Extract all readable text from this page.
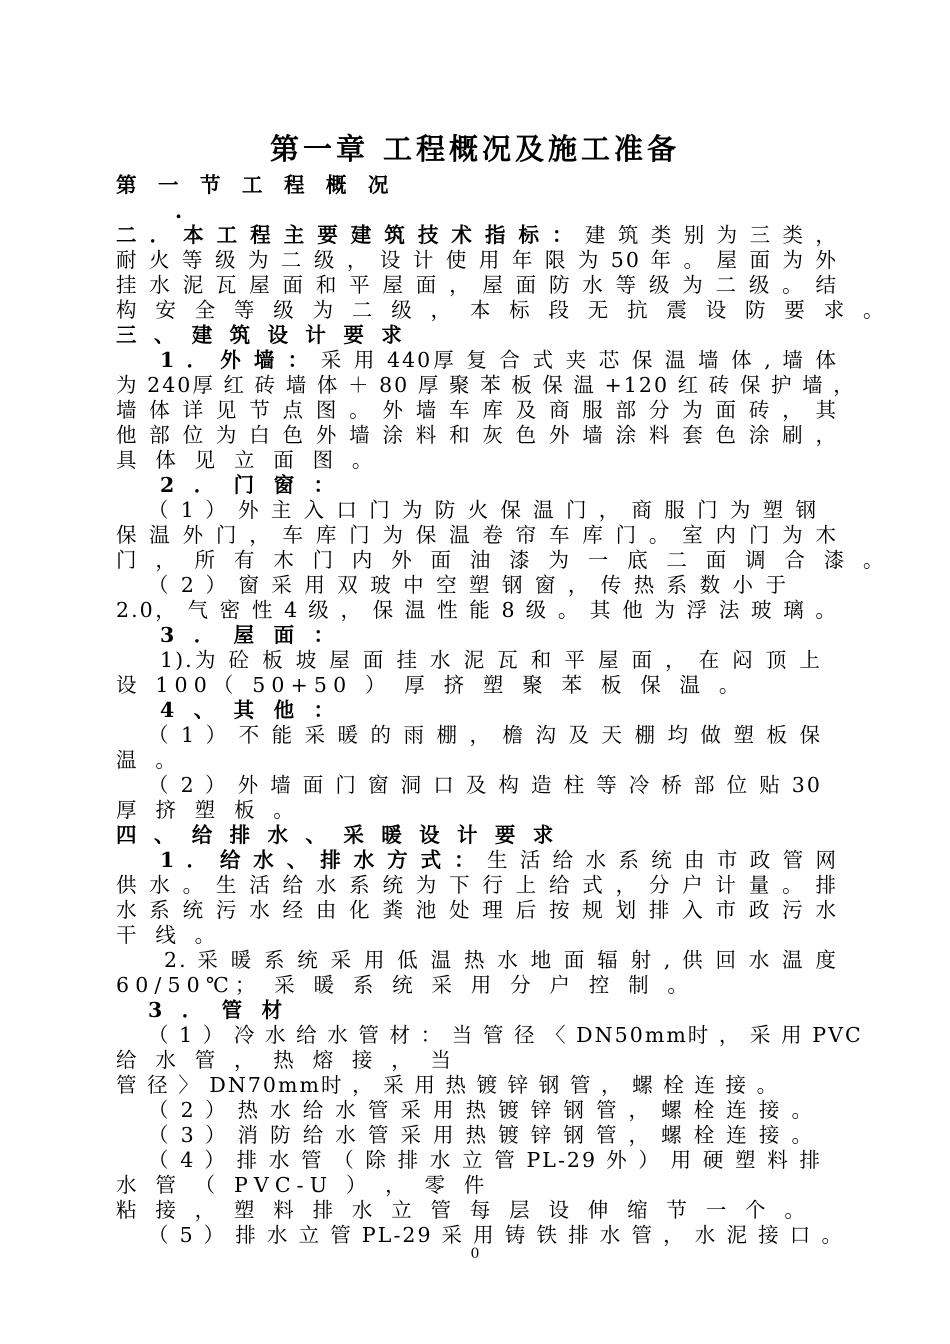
第一章 工程概况及施工准备
第 一 节 工 程 概 况
.
二 ． 本 工 程 主 要 建 筑 技 术 指 标 ： 建 筑 类 别 为 三 类 ，
耐 火 等 级 为 二 级 ， 设 计 使 用 年 限 为 50 年 。 屋 面 为 外
挂 水 泥 瓦 屋 面 和 平 屋 面 ， 屋 面 防 水 等 级 为 二 级 。 结
构 安 全 等 级 为 二 级 ， 本 标 段 无 抗 震 设 防 要 求 。
三 、 建 筑 设 计 要 求
1 ． 外 墙 ： 采 用 440厚 复 合 式 夹 芯 保 温 墙 体 , 墙 体
为 240厚 红 砖 墙 体 ＋ 80 厚 聚 苯 板 保 温 +120 红 砖 保 护 墙 ，
墙 体 详 见 节 点 图 。 外 墙 车 库 及 商 服 部 分 为 面 砖 ， 其
他 部 位 为 白 色 外 墙 涂 料 和 灰 色 外 墙 涂 料 套 色 涂 刷 ，
具 体 见 立 面 图 。
2 ． 门 窗 ：
（ 1 ） 外 主 入 口 门 为 防 火 保 温 门 ， 商 服 门 为 塑 钢
保 温 外 门 ， 车 库 门 为 保 温 卷 帘 车 库 门 。 室 内 门 为 木
门 ， 所 有 木 门 内 外 面 油 漆 为 一 底 二 面 调 合 漆 。
（ 2 ） 窗 采 用 双 玻 中 空 塑 钢 窗 ， 传 热 系 数 小 于
2.0， 气 密 性 4 级 ， 保 温 性 能 8 级 。 其 他 为 浮 法 玻 璃 。
3 ． 屋 面 ：
1).为 砼 板 坡 屋 面 挂 水 泥 瓦 和 平 屋 面 ， 在 闷 顶 上
设 100（ 50+50 ） 厚 挤 塑 聚 苯 板 保 温 。
4 、 其 他 ：
（ 1 ） 不 能 采 暖 的 雨 棚 ， 檐 沟 及 天 棚 均 做 塑 板 保
温 。
（ 2 ） 外 墙 面 门 窗 洞 口 及 构 造 柱 等 冷 桥 部 位 贴 30
厚 挤 塑 板 。
四 、 给 排 水 、 采 暖 设 计 要 求
1 ． 给 水 、 排 水 方 式 ： 生 活 给 水 系 统 由 市 政 管 网
供 水 。 生 活 给 水 系 统 为 下 行 上 给 式 ， 分 户 计 量 。 排
水 系 统 污 水 经 由 化 粪 池 处 理 后 按 规 划 排 入 市 政 污 水
干 线 。
2. 采 暖 系 统 采 用 低 温 热 水 地 面 辐 射 , 供 回 水 温 度
60/50℃； 采 暖 系 统 采 用 分 户 控 制 。
3 ． 管 材
（ 1 ） 冷 水 给 水 管 材 ： 当 管 径 〈 DN50mm时 ， 采 用 PVC
给 水 管 ， 热 熔 接 ， 当
管 径 〉 DN70mm时 ， 采 用 热 镀 锌 钢 管 ， 螺 栓 连 接 。
（ 2 ） 热 水 给 水 管 采 用 热 镀 锌 钢 管 ， 螺 栓 连 接 。
（ 3 ） 消 防 给 水 管 采 用 热 镀 锌 钢 管 ， 螺 栓 连 接 。
（ 4 ） 排 水 管 （ 除 排 水 立 管 PL-29 外 ） 用 硬 塑 料 排
水 管 （ PVC-U ） ， 零 件
粘 接 ， 塑 料 排 水 立 管 每 层 设 伸 缩 节 一 个 。
（ 5 ） 排 水 立 管 PL-29 采 用 铸 铁 排 水 管 ， 水 泥 接 口 。
0
